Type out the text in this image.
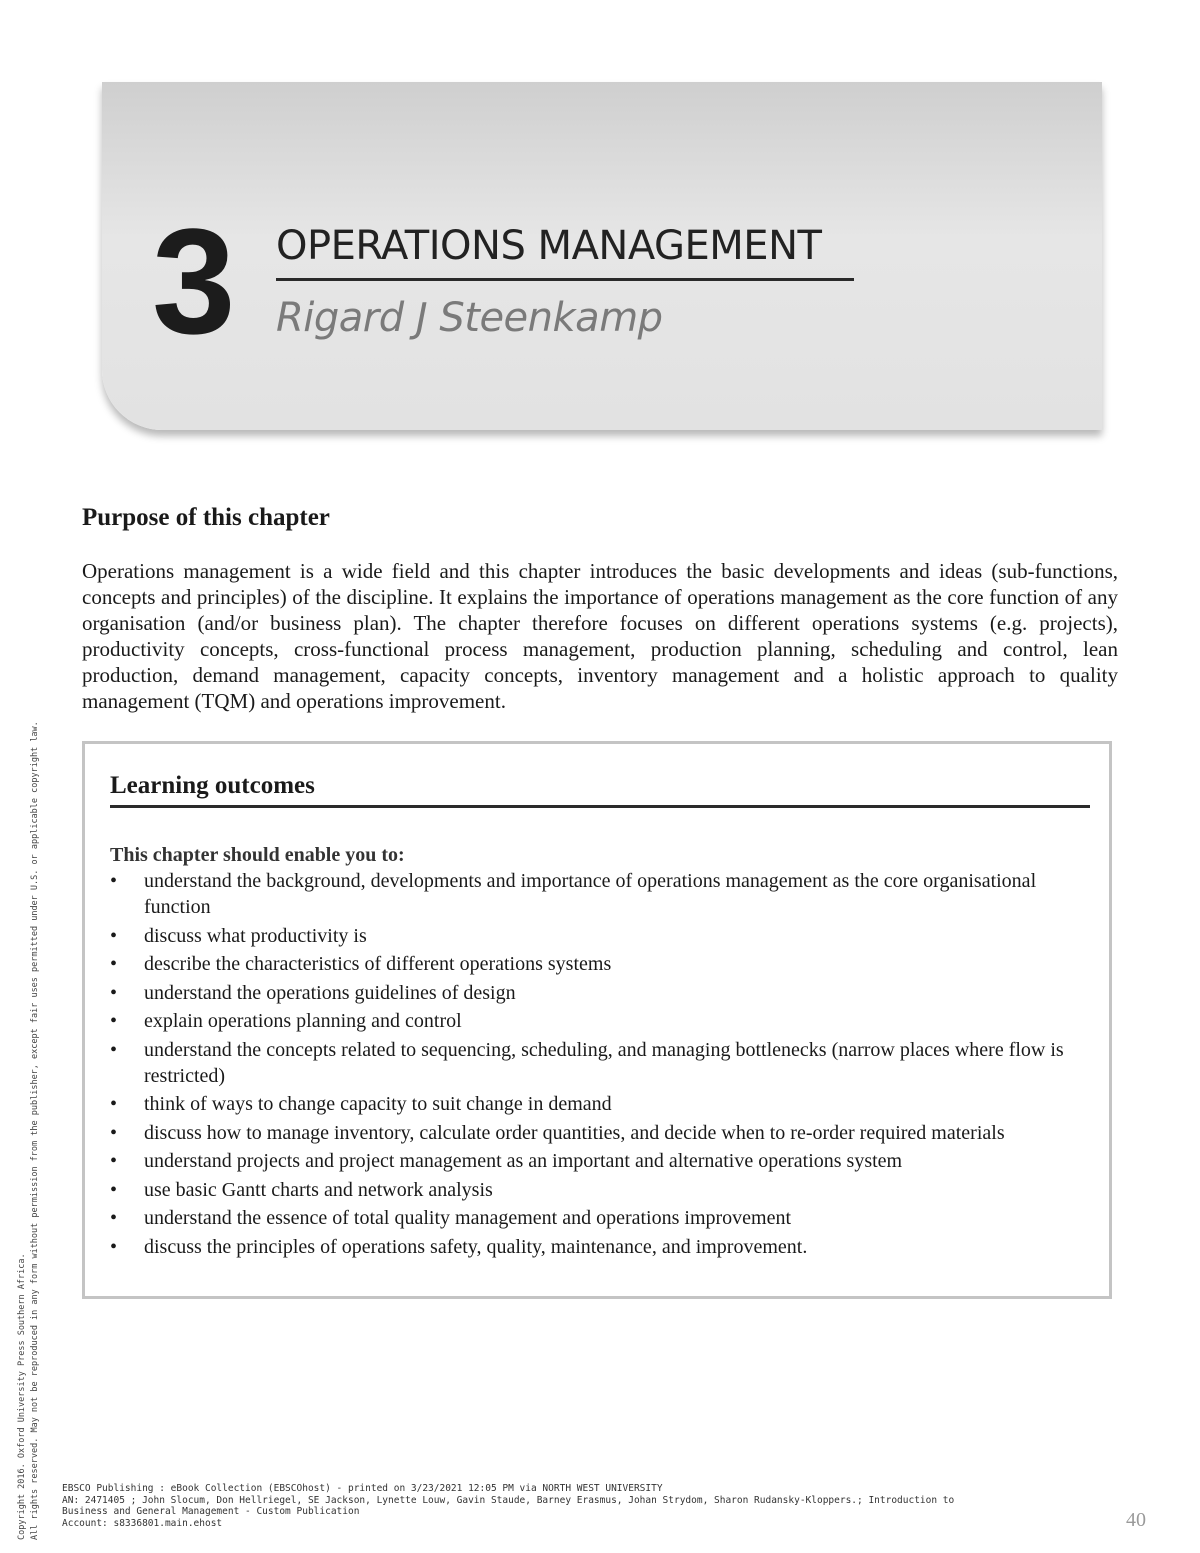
3 OPERATIONS MANAGEMENT
Rigard J Steenkamp
Purpose of this chapter

Operations management is a wide field and this chapter introduces the basic developments and ideas (sub-functions, concepts and principles) of the discipline. It explains the importance of operations management as the core function of any organisation (and/or business plan). The chapter therefore focuses on different operations systems (e.g. projects), productivity concepts, cross-functional process management, production planning, scheduling and control, lean production, demand management, capacity concepts, inventory management and a holistic approach to quality management (TQM) and operations improvement.

Learning outcomes
This chapter should enable you to:
•	understand the background, developments and importance of operations management as the core organisational function
•	discuss what productivity is
•	describe the characteristics of different operations systems
•	understand the operations guidelines of design
•	explain operations planning and control
•	understand the concepts related to sequencing, scheduling, and managing bottlenecks (narrow places where flow is restricted)
•	think of ways to change capacity to suit change in demand
•	discuss how to manage inventory, calculate order quantities, and decide when to re-order required materials
•	understand projects and project management as an important and alternative operations system
•	use basic Gantt charts and network analysis
•	understand the essence of total quality management and operations improvement
•	discuss the principles of operations safety, quality, maintenance, and improvement.
Copyright 2016. Oxford University Press Southern Africa. All rights reserved. May not be reproduced in any form without permission from the publisher, except fair uses permitted under U.S. or applicable copyright law. EBSCO Publishing : eBook Collection (EBSCOhost) - printed on 3/23/2021 12:05 PM via NORTH WEST UNIVERSITY
AN: 2471405 ; John Slocum, Don Hellriegel, SE Jackson, Lynette Louw, Gavin Staude, Barney Erasmus, Johan Strydom, Sharon Rudansky-Kloppers.; Introduction to
Business and General Management - Custom Publication
Account: s8336801.main.ehost	40
